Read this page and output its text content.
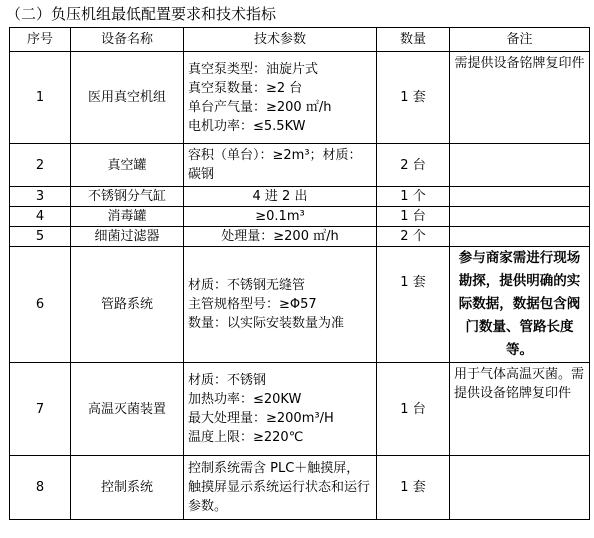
（二）负压机组最低配置要求和技术指标
序号	设备名称	技术参数	数量	备注
1	医用真空机组	真空泵类型：油旋片式
真空泵数量：≥2 台
单台产气量：≥200 ㎡/h
电机功率：≤5.5KW	1 套	需提供设备铭牌复印件
2	真空罐	容积（单台）：≥2m³；材质：碳钢	2 台	
3	不锈钢分气缸	4 进 2 出	1 个	
4	消毒罐	≥0.1m³	1 台	
5	细菌过滤器	处理量：≥200 ㎡/h	2 个	
6	管路系统	材质：不锈钢无缝管
主管规格型号：≥Φ57
数量：以实际安装数量为准	1 套	参与商家需进行现场勘探，提供明确的实际数据，数据包含阀门数量、管路长度等。
7	高温灭菌装置	材质：不锈钢
加热功率：≤20KW
最大处理量：≥200m³/H
温度上限：≥220℃	1 台	用于气体高温灭菌。需提供设备铭牌复印件
8	控制系统	控制系统需含 PLC＋触摸屏，触摸屏显示系统运行状态和运行参数。	1 套	
